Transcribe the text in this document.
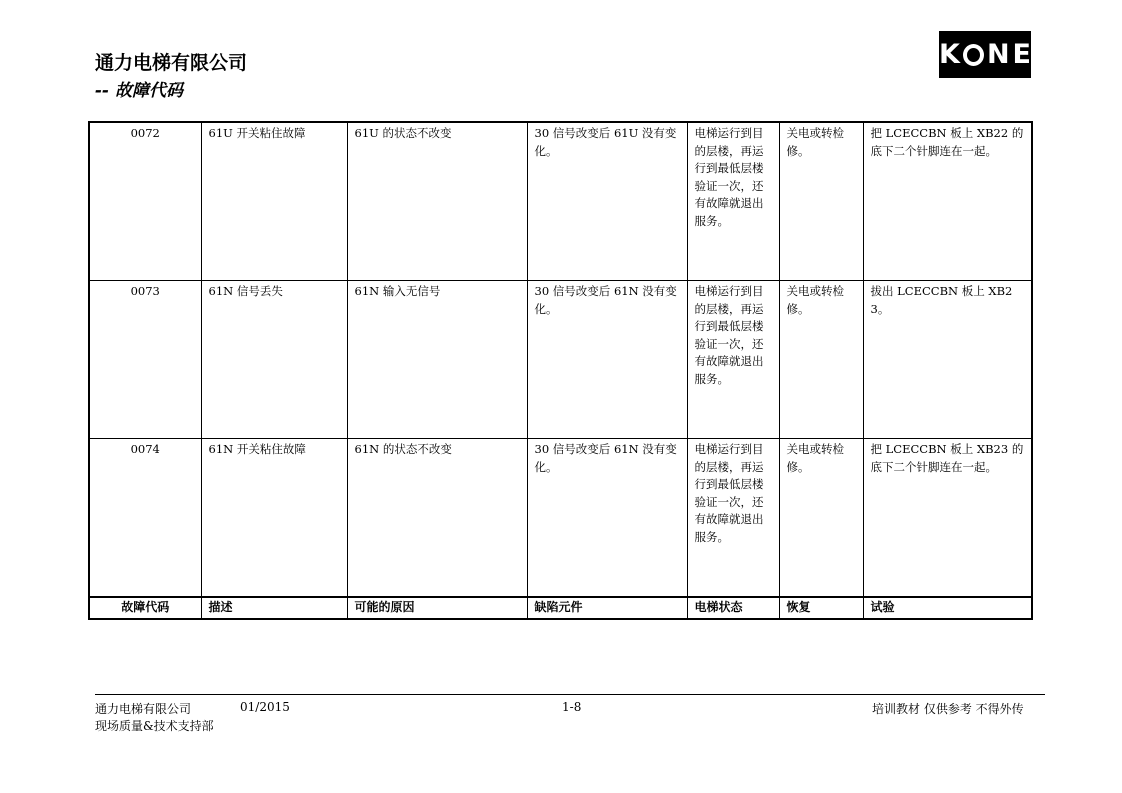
通力电梯有限公司
-- 故障代码
K N E
0072	61U 开关粘住故障	61U 的状态不改变	30 信号改变后 61U 没有变化。	电梯运行到目的层楼，再运行到最低层楼验证一次，还有故障就退出服务。	关电或转检修。	把 LCECCBN 板上 XB22 的底下二个针脚连在一起。
0073	61N 信号丢失	61N 输入无信号	30 信号改变后 61N 没有变化。	电梯运行到目的层楼，再运行到最低层楼验证一次，还有故障就退出服务。	关电或转检修。	拔出 LCECCBN 板上 XB23。
0074	61N 开关粘住故障	61N 的状态不改变	30 信号改变后 61N 没有变化。	电梯运行到目的层楼，再运行到最低层楼验证一次，还有故障就退出服务。	关电或转检修。	把 LCECCBN 板上 XB23 的底下二个针脚连在一起。
故障代码	描述	可能的原因	缺陷元件	电梯状态	恢复	试验
通力电梯有限公司	01/2015
现场质量&技术支持部
1-8	培训教材 仅供参考 不得外传
